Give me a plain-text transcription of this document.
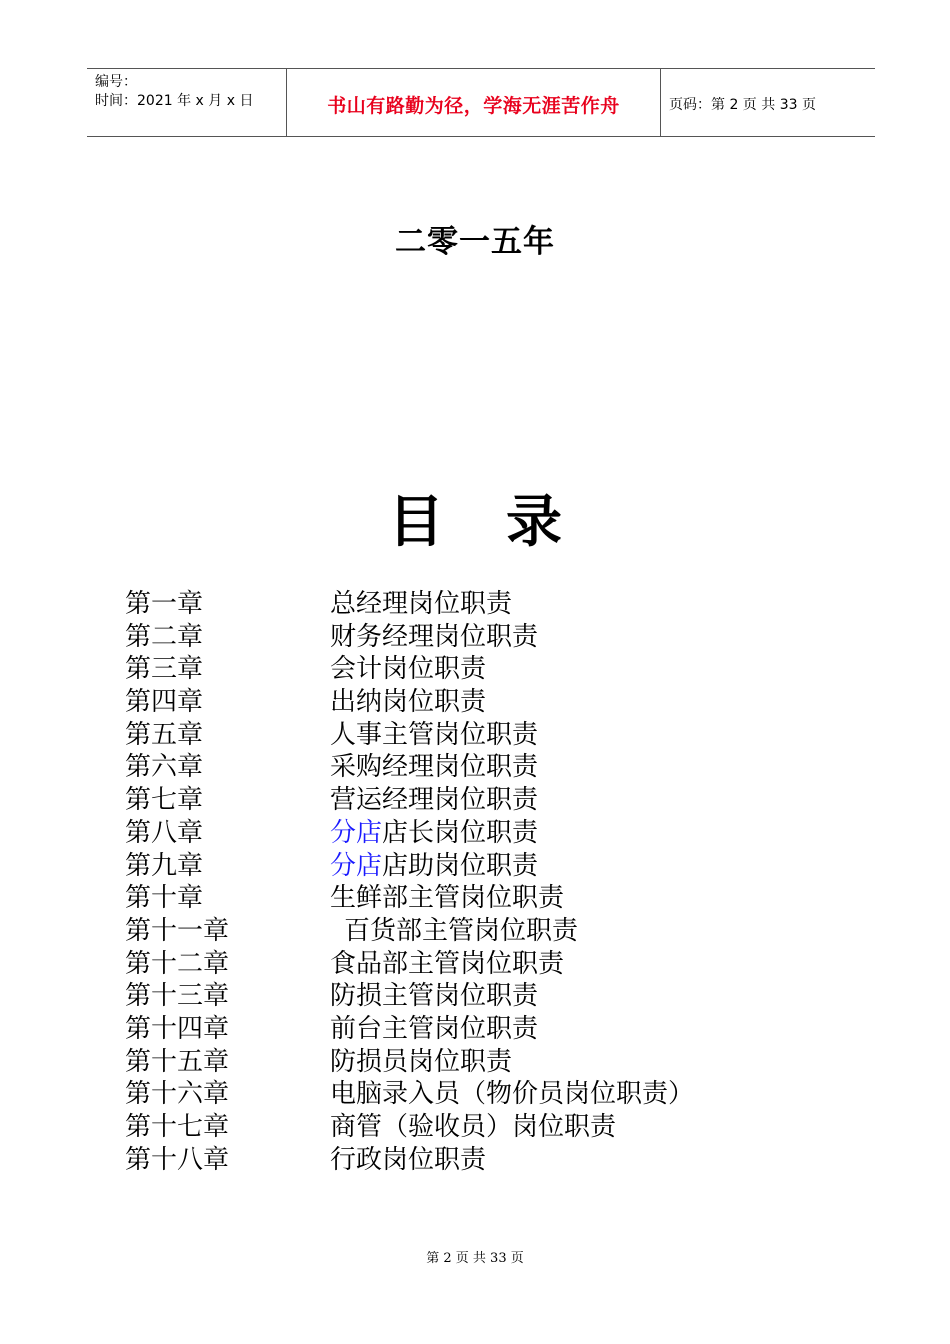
编号：
时间：2021 年 x 月 x 日	书山有路勤为径，学海无涯苦作舟	页码：第 2 页 共 33 页
二零一五年
目 录
第一章	总经理岗位职责
第二章	财务经理岗位职责
第三章	会计岗位职责
第四章	出纳岗位职责
第五章	人事主管岗位职责
第六章	采购经理岗位职责
第七章	营运经理岗位职责
第八章	分店店长岗位职责
第九章	分店店助岗位职责
第十章	生鲜部主管岗位职责
第十一章	百货部主管岗位职责
第十二章	食品部主管岗位职责
第十三章	防损主管岗位职责
第十四章	前台主管岗位职责
第十五章	防损员岗位职责
第十六章	电脑录入员（物价员岗位职责）
第十七章	商管（验收员）岗位职责
第十八章	行政岗位职责
第 2 页 共 33 页
